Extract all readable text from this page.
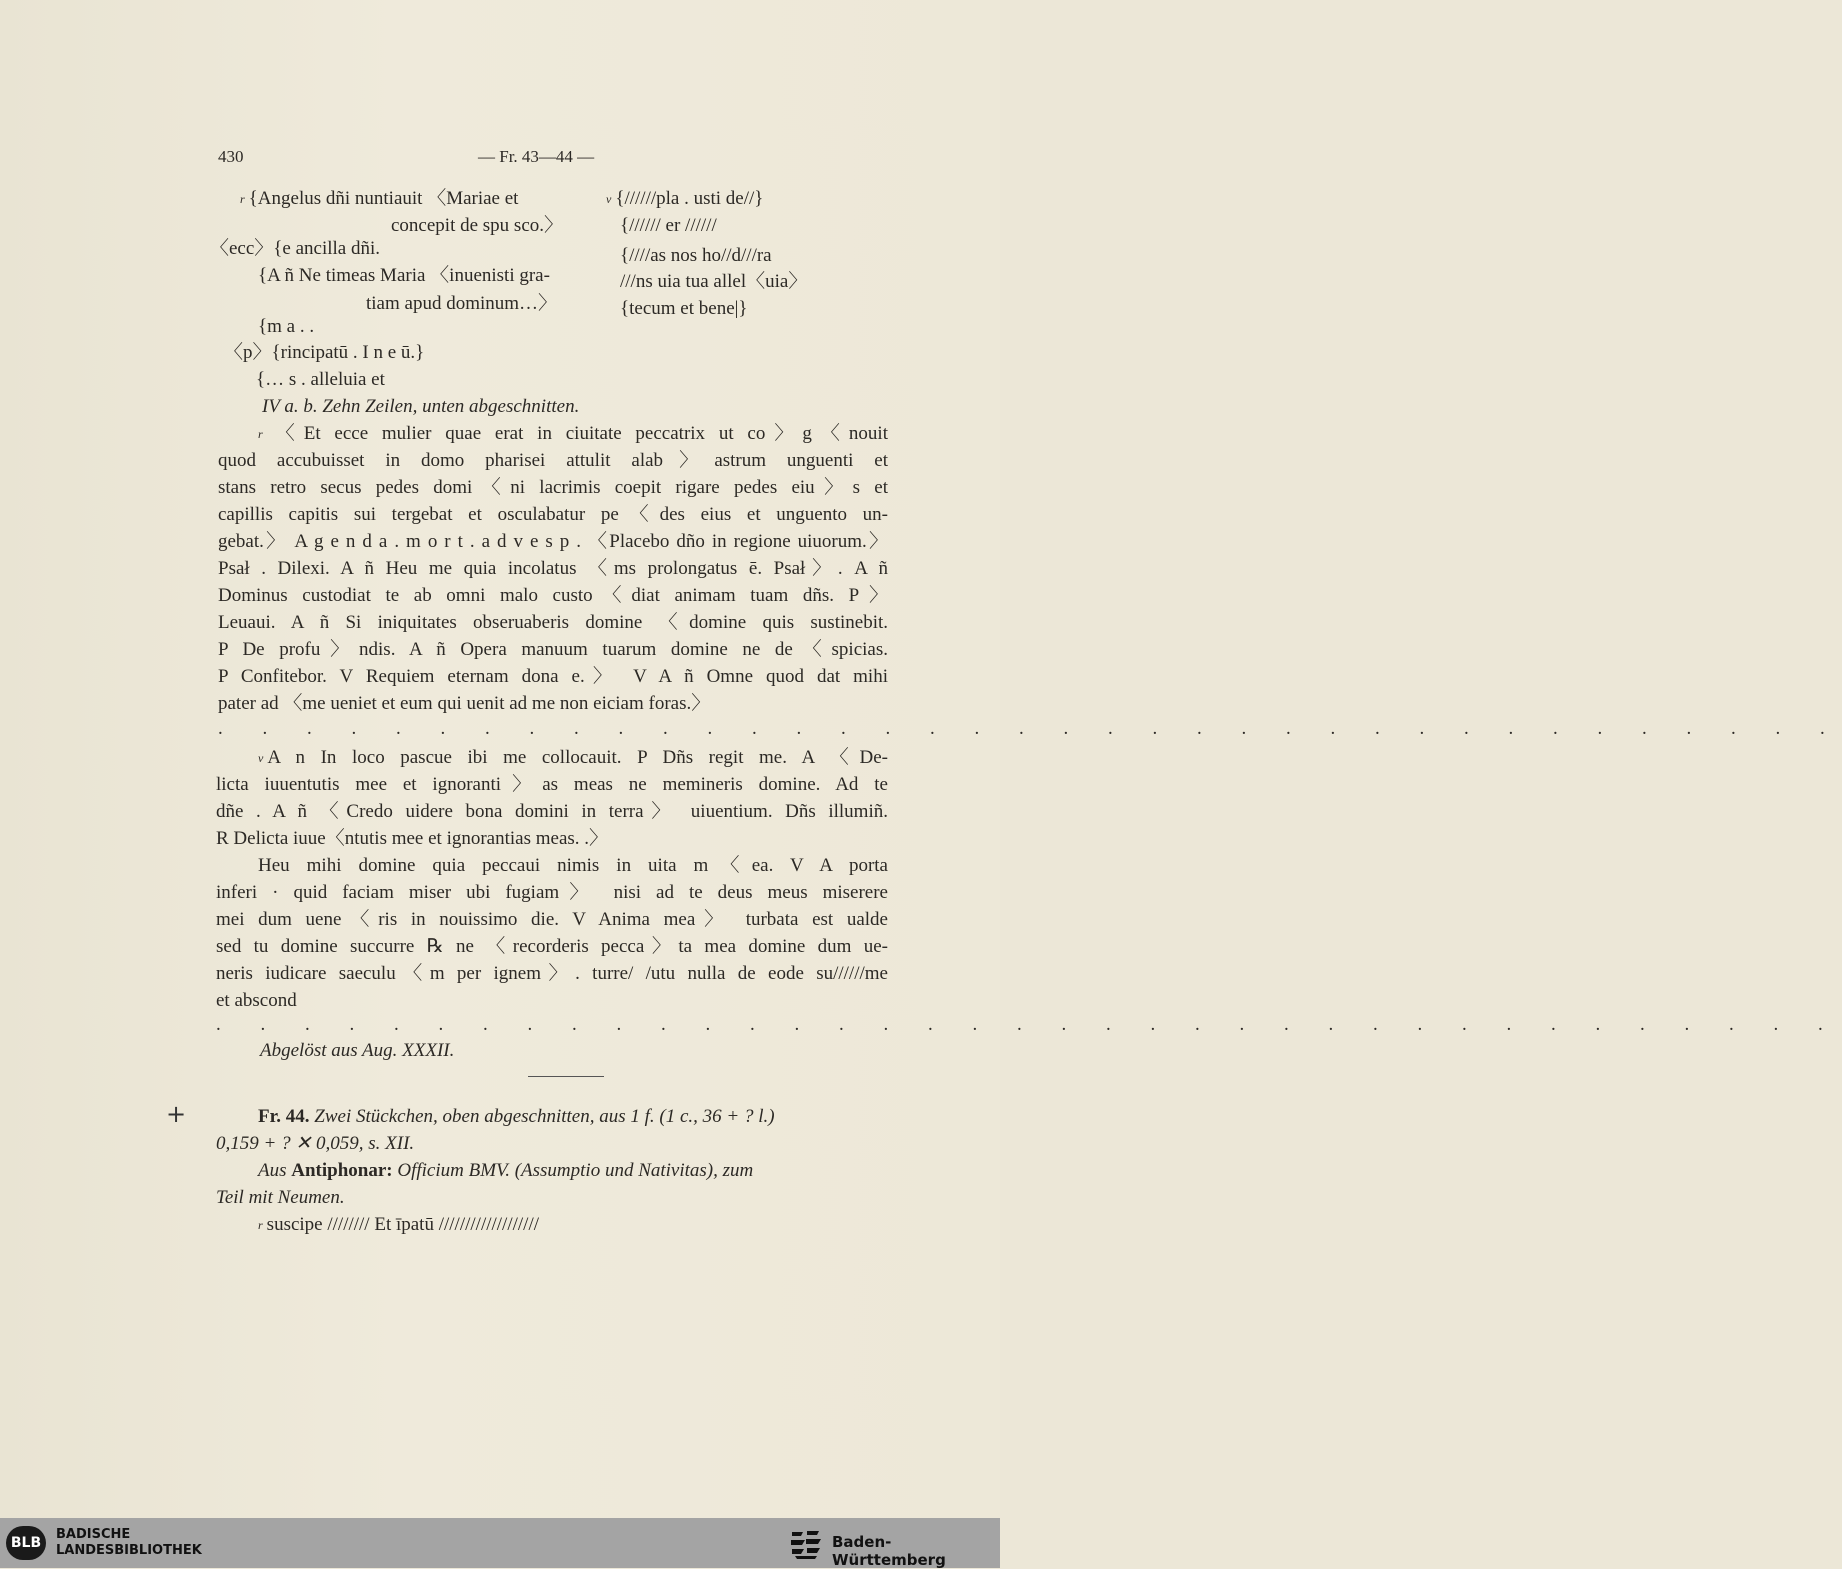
430	— Fr. 43—44 —
$^r$ {Angelus dñi nuntiauit 〈Mariae et
concepit de spu sco.〉
〈ecc〉{e ancilla dñi.
{A ñ Ne timeas Maria 〈inuenisti gra-
tiam apud dominum…〉
{m a . .
〈p〉{rincipatū . I n e ū.}
{… s . alleluia et
$^v$ {//////pla . usti de//}
{////// er //////
{////as nos ho//d///ra
///ns uia tua allel〈uia〉
{tecum et bene|}
IV a. b. Zehn Zeilen, unten abgeschnitten.
$^r$ 〈Et ecce mulier quae erat in ciuitate peccatrix ut co〉g〈nouit
quod accubuisset in domo pharisei attulit alab〉astrum unguenti et
stans retro secus pedes domi〈ni lacrimis coepit rigare pedes eiu〉s et
capillis capitis sui tergebat et osculabatur pe〈des eius et unguento un-
gebat.〉 A g e n d a . m o r t . a d v e s p . 〈Placebo dño in regione uiuorum.〉
Psał . Dilexi. A ñ Heu me quia incolatus 〈ms prolongatus ē. Psał〉. A ñ
Dominus custodiat te ab omni malo custo〈diat animam tuam dñs. P〉
Leuaui. A ñ Si iniquitates obseruaberis domine 〈domine quis sustinebit.
P De profu〉ndis. A ñ Opera manuum tuarum domine ne de〈spicias.
P Confitebor. V Requiem eternam dona e.〉 V A ñ Omne quod dat mihi
pater ad 〈me ueniet et eum qui uenit ad me non eiciam foras.〉
. . . . . . . . . . . . . . . . . . . . . . . . . . . . . . . . . . . . .
$^v$ A n In loco pascue ibi me collocauit. P Dñs regit me. A 〈De-
licta iuuentutis mee et ignoranti〉as meas ne memineris domine. Ad te
dñe . A ñ 〈Credo uidere bona domini in terra〉 uiuentium. Dñs illumiñ.
R Delicta iuue〈ntutis mee et ignorantias meas. .〉
Heu mihi domine quia peccaui nimis in uita m〈ea. V A porta
inferi · quid faciam miser ubi fugiam〉 nisi ad te deus meus miserere
mei dum uene〈ris in nouissimo die. V Anima mea〉 turbata est ualde
sed tu domine succurre ℞ ne 〈recorderis pecca〉ta mea domine dum ue-
neris iudicare saeculu〈m per ignem〉. turre/ /utu nulla de eode su//////me
et abscond
. . . . . . . . . . . . . . . . . . . . . . . . . . . . . . . . . . . . .
Abgelöst aus Aug. XXXII.
+	Fr. 44. Zwei Stückchen, oben abgeschnitten, aus 1 f. (1 c., 36 + ? l.)
0,159 + ? ✕ 0,059, s. XII.
Aus Antiphonar: Officium BMV. (Assumptio und Nativitas), zum
Teil mit Neumen.
$^r$ suscipe //////// Et īpatū ///////////////////
BLB
BADISCHE
LANDESBIBLIOTHEK	Baden-Württemberg
